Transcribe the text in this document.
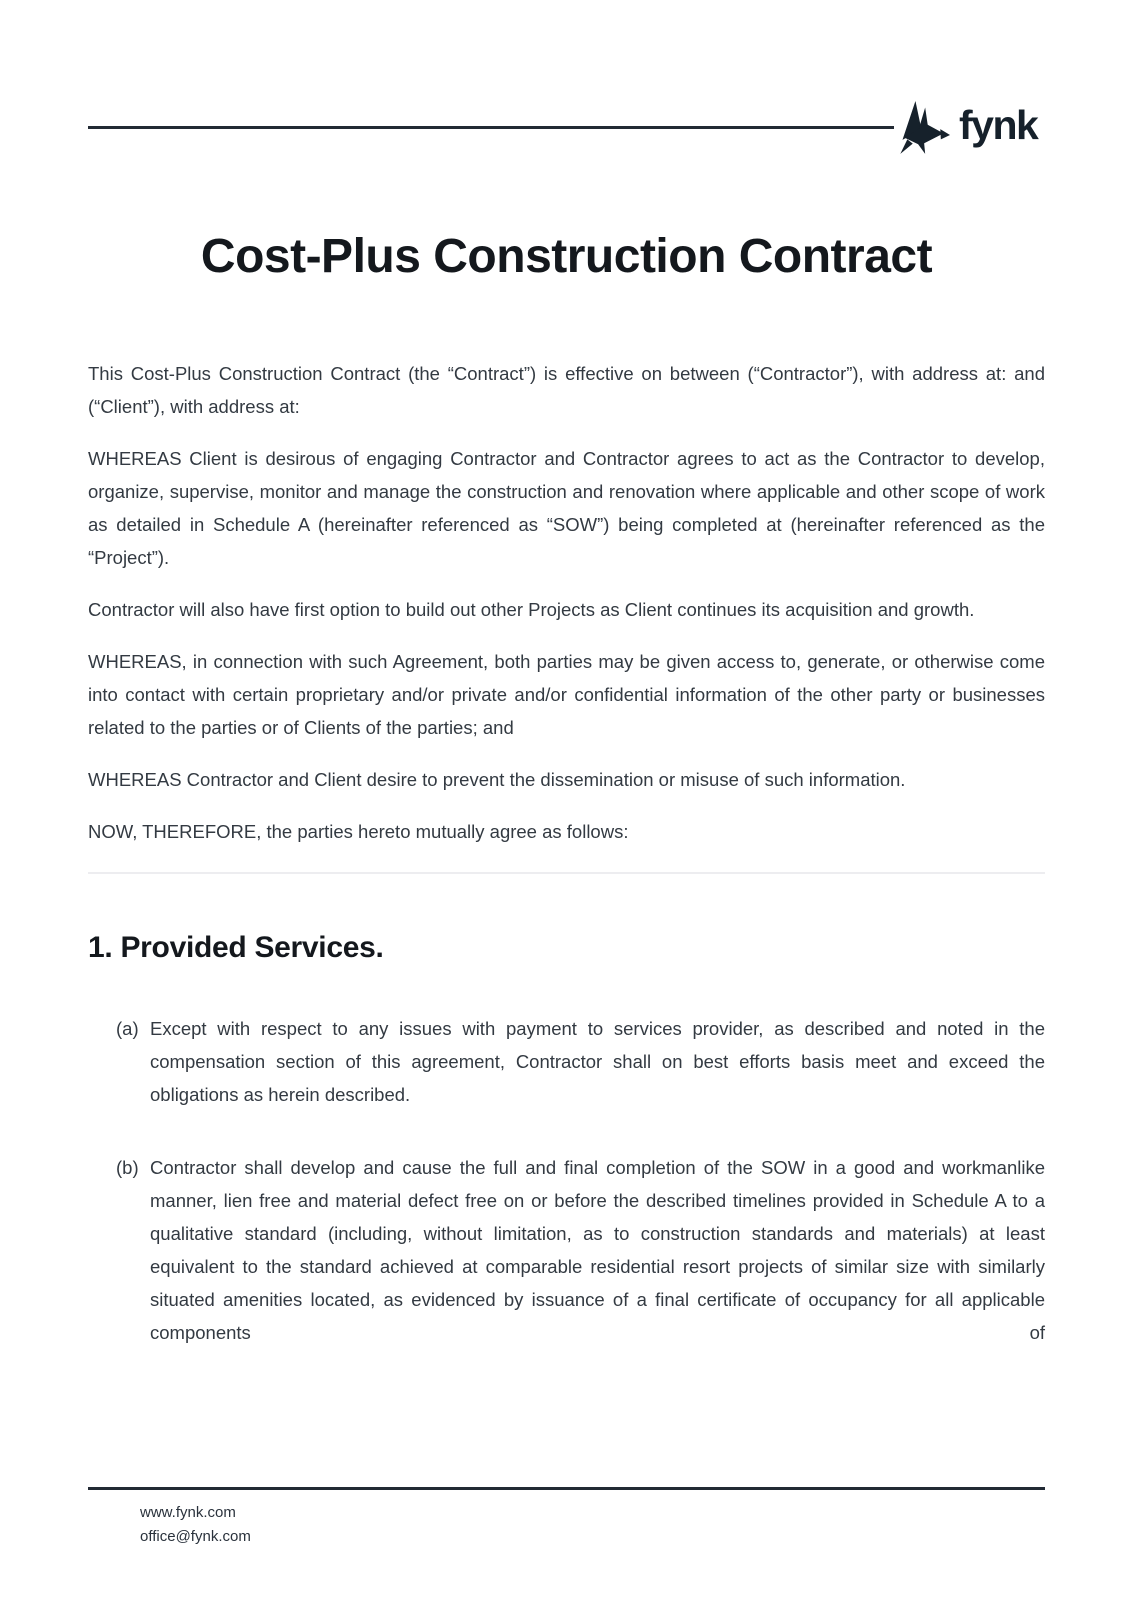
fynk
Cost-Plus Construction Contract

This Cost-Plus Construction Contract (the “Contract”) is effective on between (“Contractor”), with address at: and (“Client”), with address at:

WHEREAS Client is desirous of engaging Contractor and Contractor agrees to act as the Contractor to develop, organize, supervise, monitor and manage the construction and renovation where applicable and other scope of work as detailed in Schedule A (hereinafter referenced as “SOW”) being completed at (hereinafter referenced as the “Project”).

Contractor will also have first option to build out other Projects as Client continues its acquisition and growth.

WHEREAS, in connection with such Agreement, both parties may be given access to, generate, or otherwise come into contact with certain proprietary and/or private and/or confidential information of the other party or businesses related to the parties or of Clients of the parties; and

WHEREAS Contractor and Client desire to prevent the dissemination or misuse of such information.

NOW, THEREFORE, the parties hereto mutually agree as follows:

1. Provided Services.
(a) Except with respect to any issues with payment to services provider, as described and noted in the compensation section of this agreement, Contractor shall on best efforts basis meet and exceed the obligations as herein described.

(b) Contractor shall develop and cause the full and final completion of the SOW in a good and workmanlike manner, lien free and material defect free on or before the described timelines provided in Schedule A to a qualitative standard (including, without limitation, as to construction standards and materials) at least equivalent to the standard achieved at comparable residential resort projects of similar size with similarly situated amenities located, as evidenced by issuance of a final certificate of occupancy for all applicable components of

www.fynk.com
office@fynk.com
